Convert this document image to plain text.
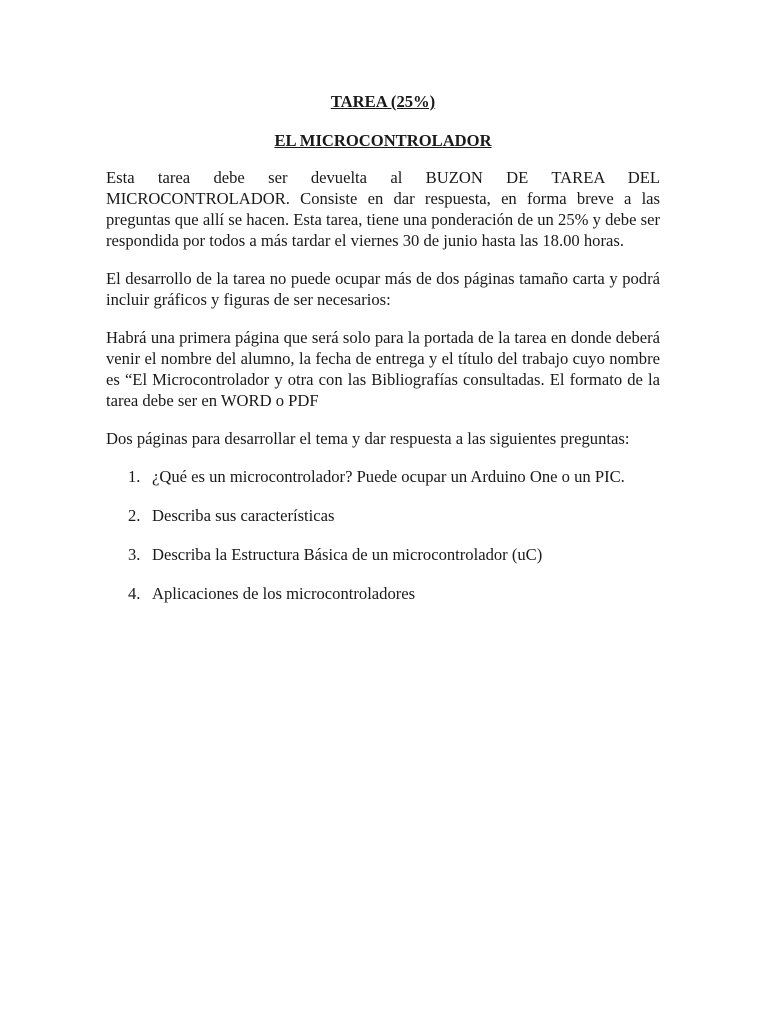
TAREA (25%)
EL MICROCONTROLADOR

Esta tarea debe ser devuelta al BUZON DE TAREA DEL MICROCONTROLADOR. Consiste en dar respuesta, en forma breve a las preguntas que allí se hacen. Esta tarea, tiene una ponderación de un 25% y debe ser respondida por todos a más tardar el viernes 30 de junio hasta las 18.00 horas.

El desarrollo de la tarea no puede ocupar más de dos páginas tamaño carta y podrá incluir gráficos y figuras de ser necesarios:

Habrá una primera página que será solo para la portada de la tarea en donde deberá venir el nombre del alumno, la fecha de entrega y el título del trabajo cuyo nombre es “El Microcontrolador y otra con las Bibliografías consultadas. El formato de la tarea debe ser en WORD o PDF

Dos páginas para desarrollar el tema y dar respuesta a las siguientes preguntas:

1. ¿Qué es un microcontrolador? Puede ocupar un Arduino One o un PIC.
2. Describa sus características
3. Describa la Estructura Básica de un microcontrolador (uC)
4. Aplicaciones de los microcontroladores
